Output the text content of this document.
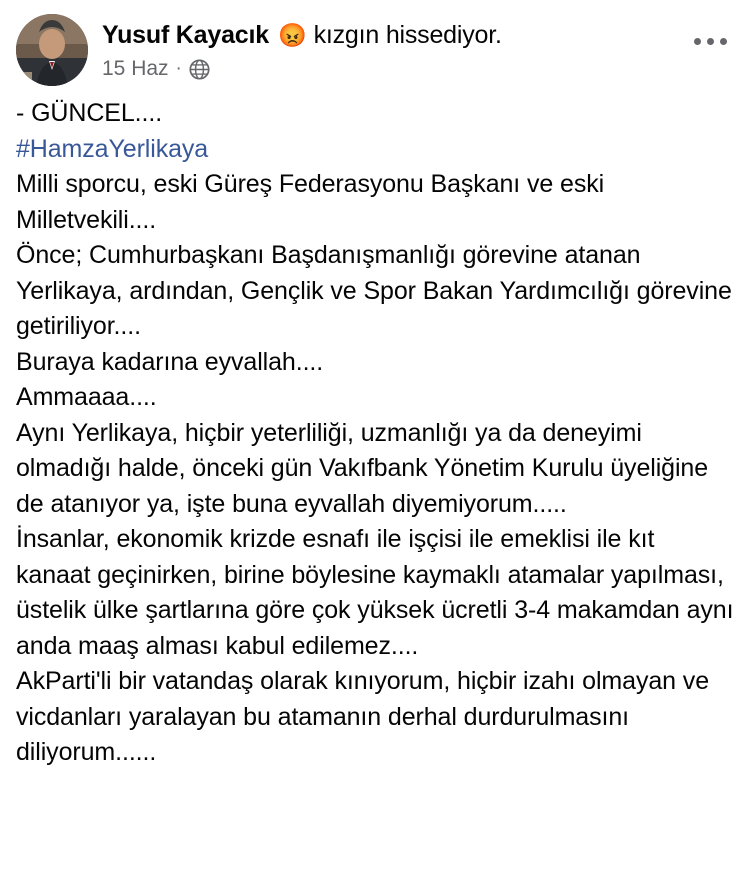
Yusuf Kayacık 😡 kızgın hissediyor.
15 Haz ·

- GÜNCEL....

#HamzaYerlikaya

Milli sporcu, eski Güreş Federasyonu Başkanı ve eski Milletvekili....

Önce; Cumhurbaşkanı Başdanışmanlığı görevine atanan Yerlikaya, ardından, Gençlik ve Spor Bakan Yardımcılığı görevine getiriliyor....

Buraya kadarına eyvallah....

Ammaaaa....

Aynı Yerlikaya, hiçbir yeterliliği, uzmanlığı ya da deneyimi olmadığı halde, önceki gün Vakıfbank Yönetim Kurulu üyeliğine de atanıyor ya, işte buna eyvallah diyemiyorum.....

İnsanlar, ekonomik krizde esnafı ile işçisi ile emeklisi ile kıt kanaat geçinirken, birine böylesine kaymaklı atamalar yapılması, üstelik ülke şartlarına göre çok yüksek ücretli 3-4 makamdan aynı anda maaş alması kabul edilemez....

AkParti'li bir vatandaş olarak kınıyorum, hiçbir izahı olmayan ve vicdanları yaralayan bu atamanın derhal durdurulmasını diliyorum......
